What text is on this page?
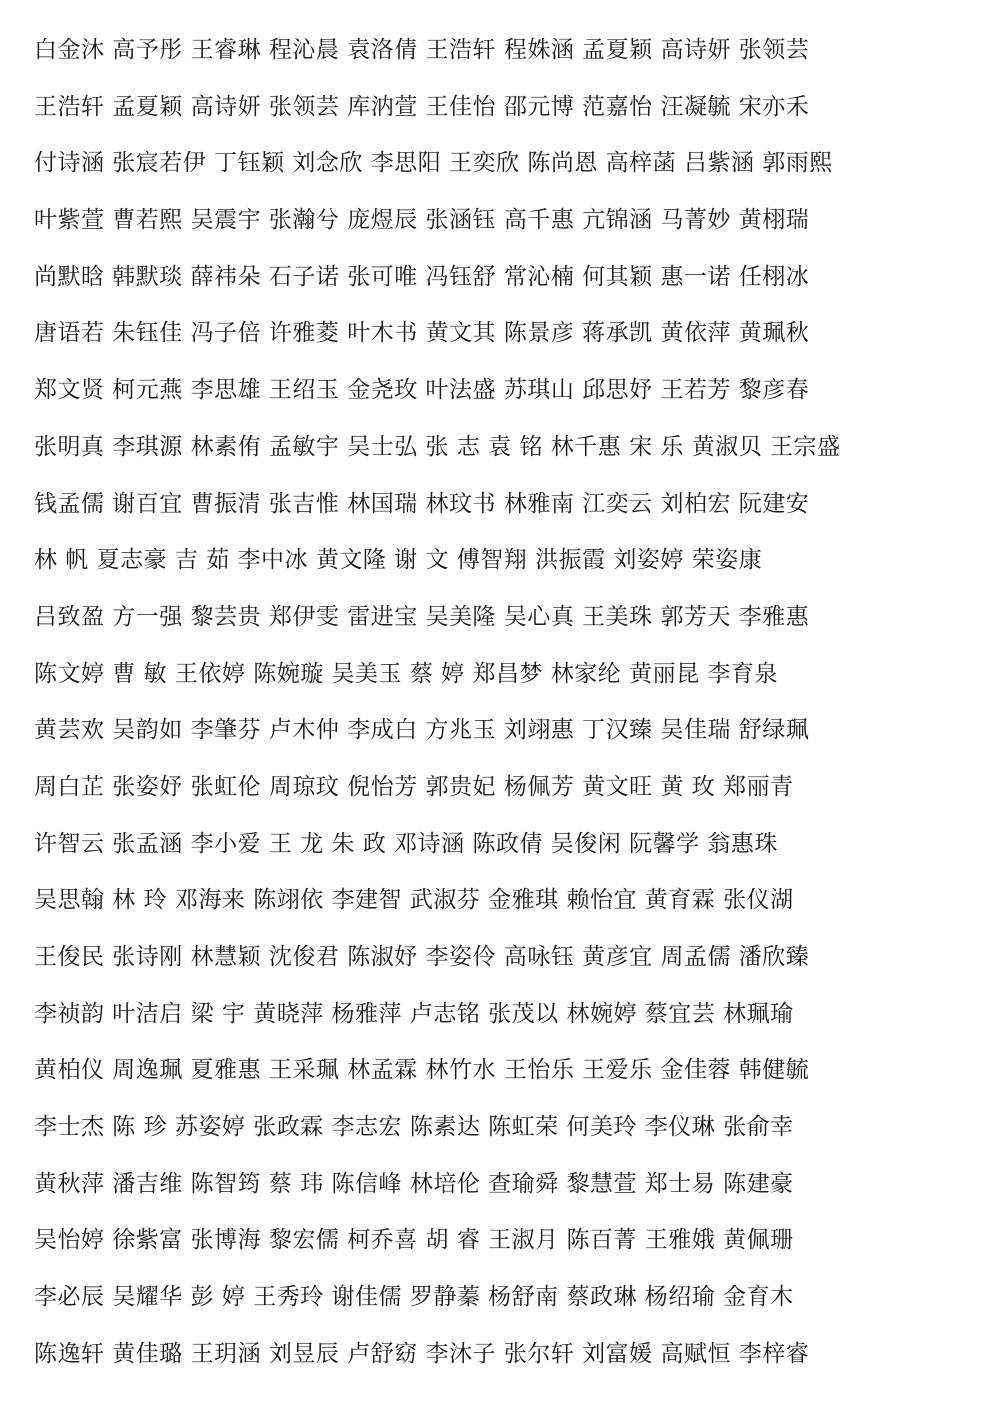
白金沐 高予彤 王睿琳 程沁晨 袁洛倩 王浩轩 程姝涵 孟夏颖 高诗妍 张领芸
王浩轩 孟夏颖 高诗妍 张领芸 库汭萱 王佳怡 邵元博 范嘉怡 汪凝毓 宋亦禾
付诗涵 张宸若伊 丁钰颖 刘念欣 李思阳 王奕欣 陈尚恩 高梓菡 吕紫涵 郭雨熙
叶紫萱 曹若熙 吴震宇 张瀚兮 庞煜辰 张涵钰 高千惠 亢锦涵 马菁妙 黄栩瑞
尚默晗 韩默琰 薛祎朵 石子诺 张可唯 冯钰舒 常沁楠 何其颖 惠一诺 任栩冰
唐语若 朱钰佳 冯子倍 许雅菱 叶木书 黄文其 陈景彦 蒋承凯 黄依萍 黄珮秋
郑文贤 柯元燕 李思雄 王绍玉 金尧玫 叶法盛 苏琪山 邱思妤 王若芳 黎彦春
张明真 李琪源 林素侑 孟敏宇 吴士弘 张 志 袁 铭 林千惠 宋 乐 黄淑贝 王宗盛
钱孟儒 谢百宜 曹振清 张吉惟 林国瑞 林玟书 林雅南 江奕云 刘柏宏 阮建安
林 帆 夏志豪 吉 茹 李中冰 黄文隆 谢 文 傅智翔 洪振霞 刘姿婷 荣姿康
吕致盈 方一强 黎芸贵 郑伊雯 雷进宝 吴美隆 吴心真 王美珠 郭芳天 李雅惠
陈文婷 曹 敏 王依婷 陈婉璇 吴美玉 蔡 婷 郑昌梦 林家纶 黄丽昆 李育泉
黄芸欢 吴韵如 李肇芬 卢木仲 李成白 方兆玉 刘翊惠 丁汉臻 吴佳瑞 舒绿珮
周白芷 张姿妤 张虹伦 周琼玟 倪怡芳 郭贵妃 杨佩芳 黄文旺 黄 玫 郑丽青
许智云 张孟涵 李小爱 王 龙 朱 政 邓诗涵 陈政倩 吴俊闲 阮馨学 翁惠珠
吴思翰 林 玲 邓海来 陈翊依 李建智 武淑芬 金雅琪 赖怡宜 黄育霖 张仪湖
王俊民 张诗刚 林慧颖 沈俊君 陈淑妤 李姿伶 高咏钰 黄彦宜 周孟儒 潘欣臻
李祯韵 叶洁启 梁 宇 黄晓萍 杨雅萍 卢志铭 张茂以 林婉婷 蔡宜芸 林珮瑜
黄柏仪 周逸珮 夏雅惠 王采珮 林孟霖 林竹水 王怡乐 王爱乐 金佳蓉 韩健毓
李士杰 陈 珍 苏姿婷 张政霖 李志宏 陈素达 陈虹荣 何美玲 李仪琳 张俞幸
黄秋萍 潘吉维 陈智筠 蔡 玮 陈信峰 林培伦 查瑜舜 黎慧萱 郑士易 陈建豪
吴怡婷 徐紫富 张博海 黎宏儒 柯乔喜 胡 睿 王淑月 陈百菁 王雅娥 黄佩珊
李必辰 吴耀华 彭 婷 王秀玲 谢佳儒 罗静蓁 杨舒南 蔡政琳 杨绍瑜 金育木
陈逸轩 黄佳璐 王玥涵 刘昱辰 卢舒窈 李沐子 张尔轩 刘富媛 高赋恒 李梓睿
